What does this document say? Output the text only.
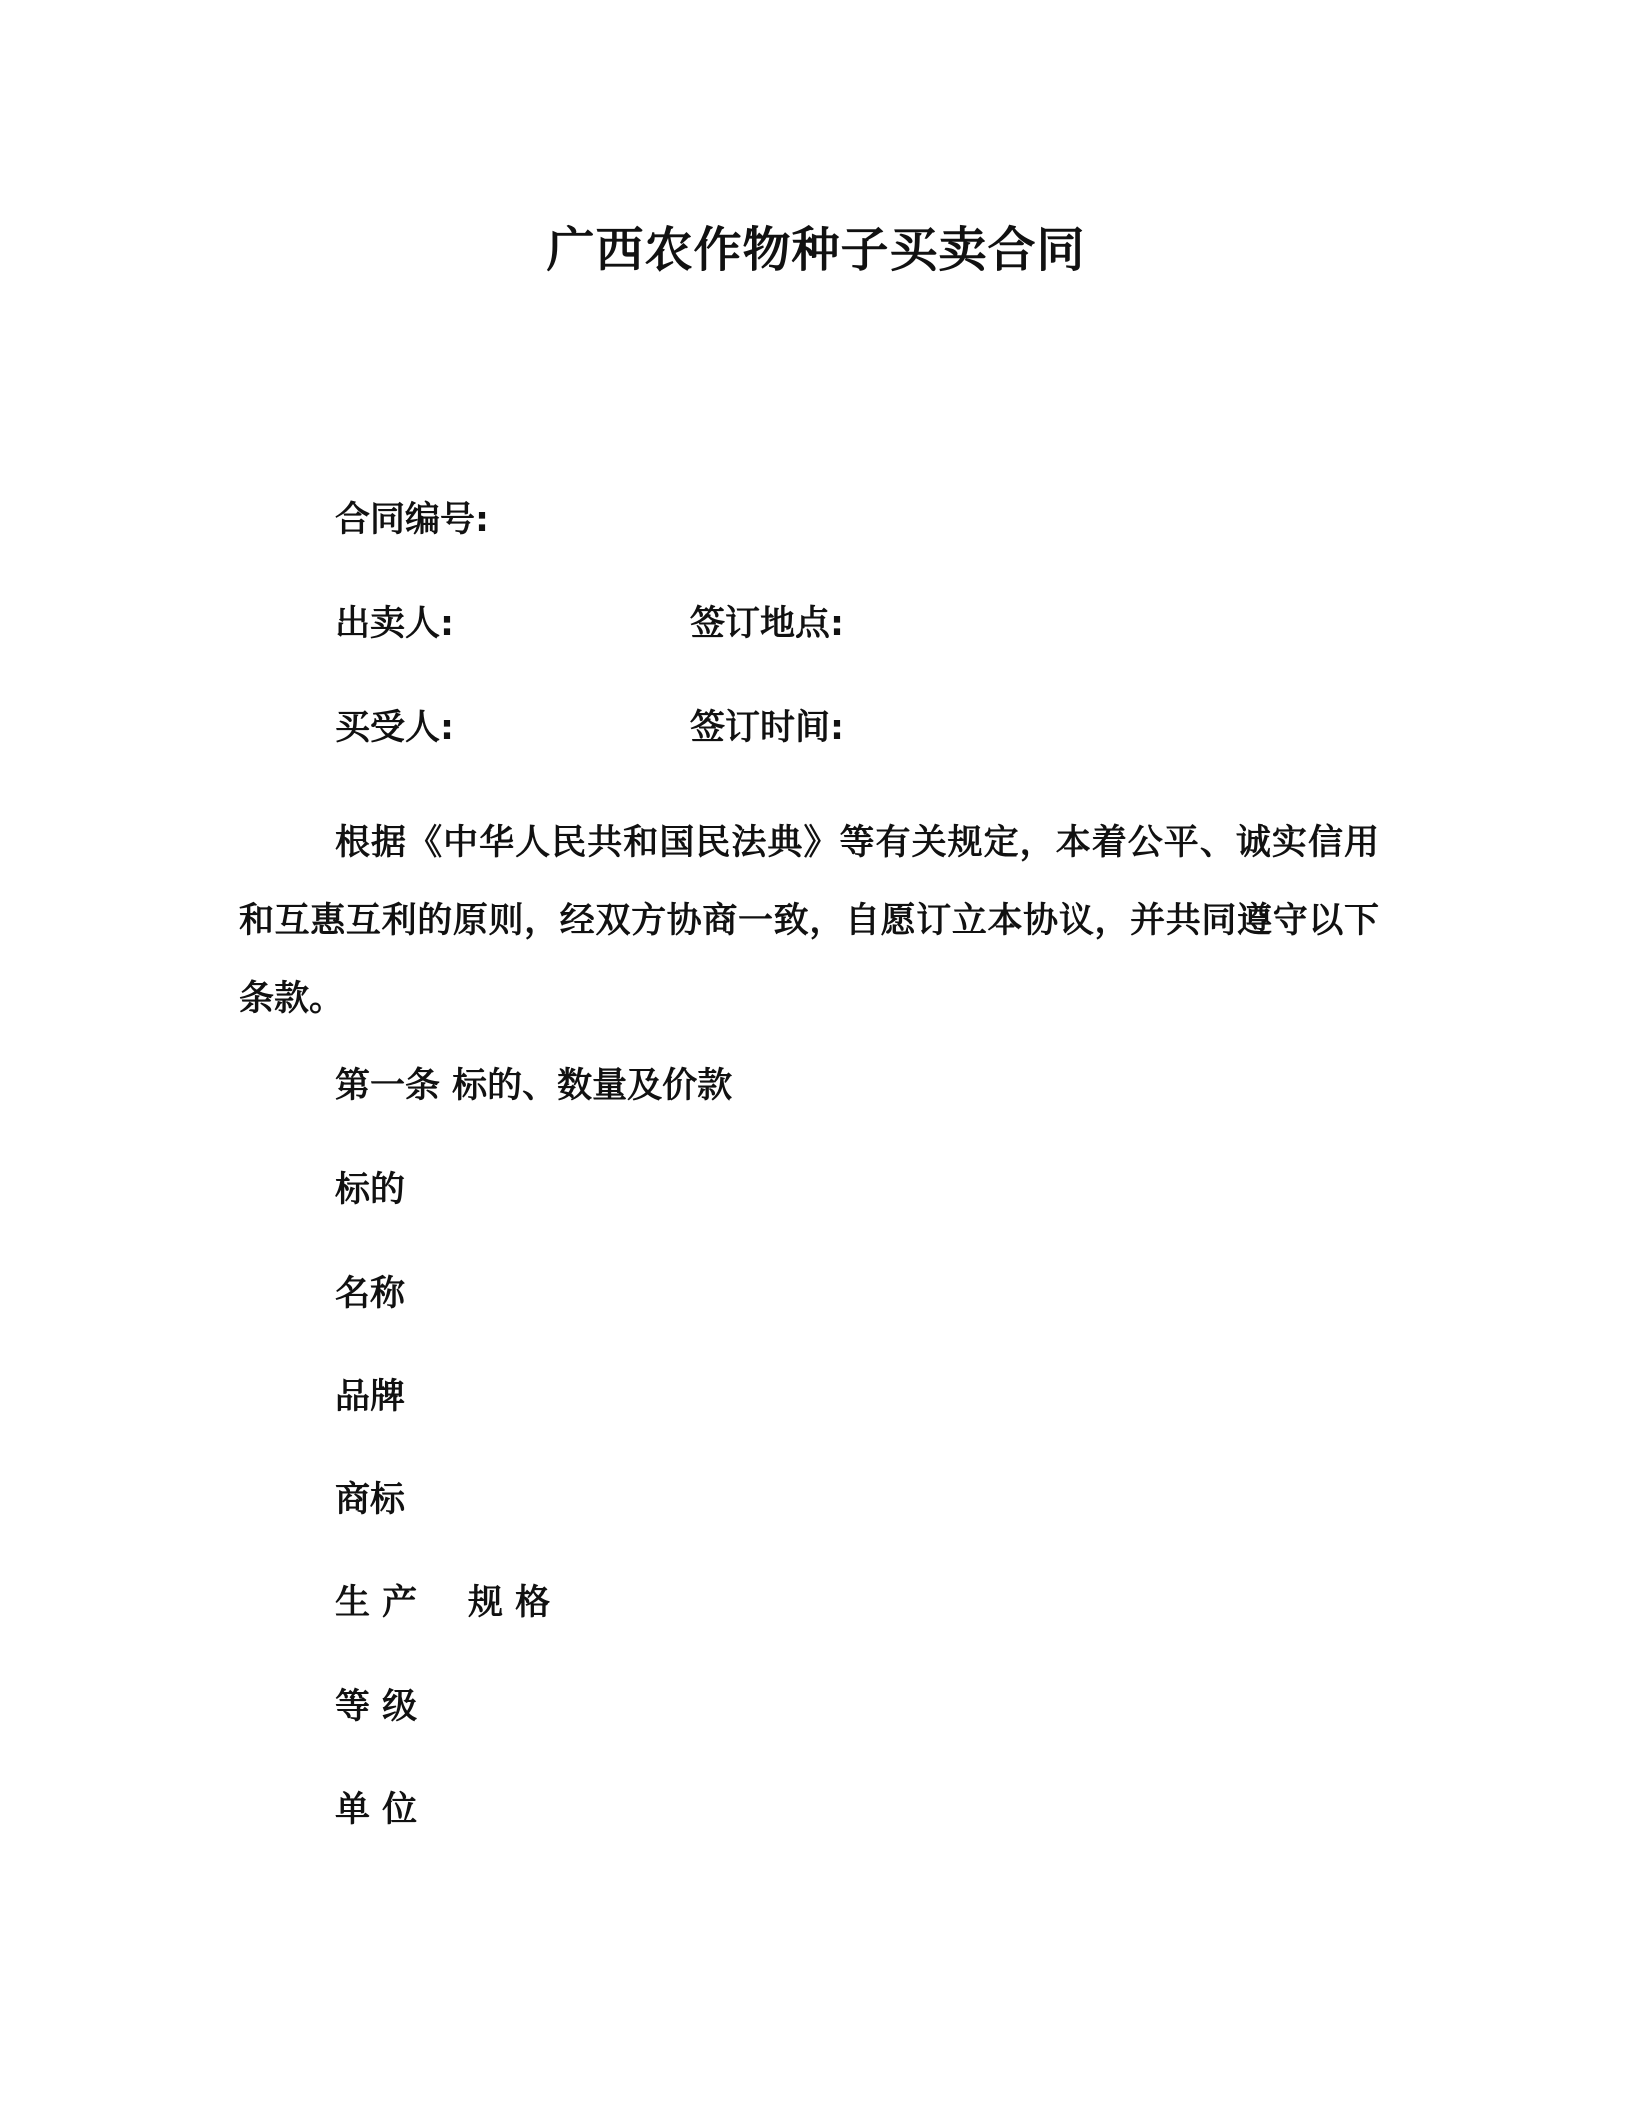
广西农作物种子买卖合同
合同编号:
出卖人:	签订地点:
买受人:	签订时间:
根据《中华人民共和国民法典》等有关规定，本着公平、诚实信用和互惠互利的原则，经双方协商一致，自愿订立本协议，并共同遵守以下条款。
第一条 标的、数量及价款
标的
名称
品牌
商标
生 产 规 格
等 级
单 位
